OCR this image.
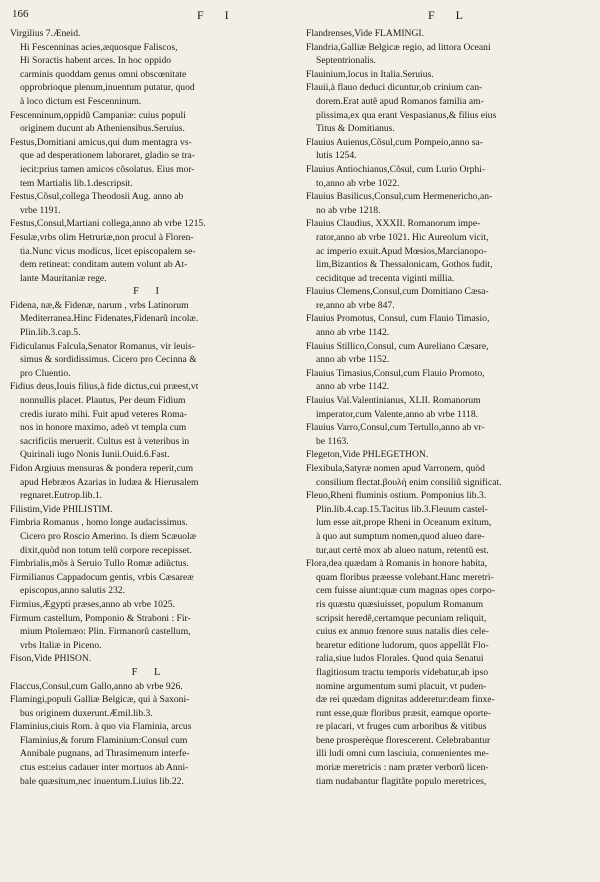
166	F I	F L

Virgilius 7.Æneid.
Hi Fescenninas acies,æquosque Faliscos,
Hi Soractis habent arces. In hoc oppido
carminis quoddam genus omni obscœnitate
opprobrioque plenum,inuentum putatur, quod
à loco dictum est Fescenninum.

Fescenninum,oppidũ Campaniæ: cuius populi
originem ducunt ab Atheniensibus.Seruius.

Festus,Domitiani amicus,qui dum mentagra vs-
que ad desperationem laboraret, gladio se tra-
iecit:prius tamen amicos cõsolatus. Eius mor-
tem Martialis lib.1.descripsit.

Festus,Cõsul,collega Theodosii Aug. anno ab
vrbe 1191.

Festus,Consul,Martiani collega,anno ab vrbe 1215.

Fesulæ,vrbs olim Hetruriæ,non procul à Floren-
tia.Nunc vicus modicus, licet episcopalem se-
dem retineat: conditam autem volunt ab At-
lante Mauritaniæ rege.

F I

Fidena, næ,& Fidenæ, narum , vrbs Latinorum
Mediterranea.Hinc Fidenates,Fidenarũ incolæ.
Plin.lib.3.cap.5.

Fidiculanus Falcula,Senator Romanus, vir leuis-
simus & sordidissimus. Cicero pro Cecinna &
pro Cluentio.

Fidius deus,Iouis filius,à fide dictus,cui præest,vt
nonnullis placet. Plautus, Per deum Fidium
credis iurato mihi. Fuit apud veteres Roma-
nos in honore maximo, adeò vt templa cum
sacrificiis meruerit. Cultus est à veteribus in
Quirinali iugo Nonis Iunii.Ouid.6.Fast.

Fidon Argiuus mensuras & pondera reperit,cum
apud Hebræos Azarias in Iudæa & Hierusalem
regnaret.Eutrop.lib.1.

Filistim,Vide PHILISTIM.

Fimbria Romanus , homo longe audacissimus.
Cicero pro Roscio Amerino. Is diem Scæuolæ
dixit,quòd non totum telũ corpore recepisset.

Fimbrialis,mõs à Seruio Tullo Romæ adiũctus.

Firmilianus Cappadocum gentis, vrbis Cæsareæ
episcopus,anno salutis 232.

Firmius,Ægypti præses,anno ab vrbe 1025.

Firmum castellum, Pomponio & Straboni : Fir-
mium Ptolemæo: Plin. Firmanorũ castellum,
vrbs Italiæ in Piceno.

Fison,Vide PHISON.

F L

Flaccus,Consul,cum Gallo,anno ab vrbe 926.

Flamingi,populi Galliæ Belgicæ, qui à Saxoni-
bus originem duxerunt.Æmil.lib.3.

Flaminius,ciuis Rom. à quo via Flaminia, arcus
Flaminius,& forum Flaminium:Consul cum
Annibale pugnans, ad Thrasimenum interfe-
ctus est:eius cadauer inter mortuos ab Anni-
bale quæsitum,nec inuentum.Liuius lib.22.

Flandrenses,Vide FLAMINGI.

Flandria,Galliæ Belgicæ regio, ad littora Oceani
Septentrionalis.

Flauinium,locus in Italia.Seruius.

Flauii,à flauo deduci dicuntur,ob crinium can-
dorem.Erat autẽ apud Romanos familia am-
plissima,ex qua erant Vespasianus,& filius eius
Titus & Domitianus.

Flauius Auienus,Cõsul,cum Pompeio,anno sa-
lutis 1254.

Flauius Antiochianus,Cõsul, cum Lurio Orphi-
to,anno ab vrbe 1022.

Flauius Basilicus,Consul,cum Hermenericho,an-
no ab vrbe 1218.

Flauius Claudius, XXXII. Romanorum impe-
rator,anno ab vrbe 1021. Hic Aureolum vicit,
ac imperio exuit.Apud Mœsios,Marcianopo-
lim,Bizantios & Thessalonicam, Gothos fudit,
ceciditque ad trecenta viginti millia.

Flauius Clemens,Consul,cum Domitiano Cæsa-
re,anno ab vrbe 847.

Flauius Promotus, Consul, cum Flauio Timasio,
anno ab vrbe 1142.

Flauius Stillico,Consul, cum Aureliano Cæsare,
anno ab vrbe 1152.

Flauius Timasius,Consul,cum Flauio Promoto,
anno ab vrbe 1142.

Flauius Val.Valentinianus, XLII. Romanorum
imperator,cum Valente,anno ab vrbe 1118.

Flauius Varro,Consul,cum Tertullo,anno ab vr-
be 1163.

Flegeton,Vide PHLEGETHON.

Flexibula,Satyræ nomen apud Varronem, quòd
consilium flectat.βουλὴ enim consiliũ significat.

Fleuo,Rheni fluminis ostium. Pomponius lib.3.
Plin.lib.4.cap.15.Tacitus lib.3.Fleuum castel-
lum esse ait,prope Rheni in Oceanum exitum,
à quo aut sumptum nomen,quod alueo dare-
tur,aut certè mox ab alueo natum, retentũ est.

Flora,dea quædam à Romanis in honore habita,
quam floribus præesse volebant.Hanc meretri-
cem fuisse aiunt:quæ cum magnas opes corpo-
ris quæstu quæsiuisset, populum Romanum
scripsit heredẽ,certamque pecuniam reliquit,
cuius ex annuo fœnore suus natalis dies cele-
braretur editione ludorum, quos appellãt Flo-
ralia,siue ludos Florales. Quod quia Senatui
flagitiosum tractu temporis videbatur,ab ipso
nomine argumentum sumi placuit, vt puden-
dæ rei quædam dignitas adderetur:deam finxe-
runt esse,quæ floribus præsit, eamque oporte-
re placari, vt fruges cum arboribus & vitibus
bene prosperèque florescerent. Celebrabantur
illi ludi omni cum lasciuia, conuenientes me-
moriæ meretricis : nam præter verborũ licen-
tiam nudabantur flagitãte populo meretrices,
